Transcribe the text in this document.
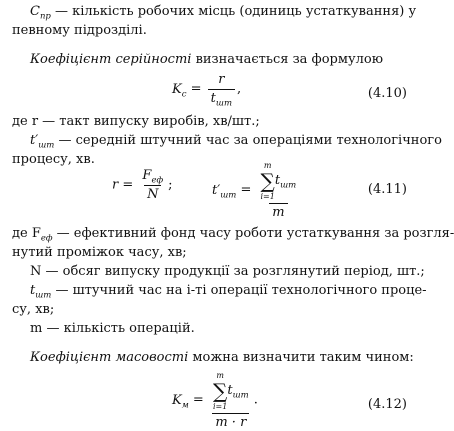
$C_{пр}$ — кількість робочих місць (одиниць устаткування) у
певному підрозділі.
Коефіцієнт серійності визначається за формулою
$K_c = \frac{r}{t_{шт}}$ ,	(4.10)
де r — такт випуску виробів, хв/шт.;
$t'_{шт}$ — середній штучний час за операціями технологічного
процесу, хв.
$r = \frac{F_{еф}}{N}$ ;	$t'_{шт} = m$
∑
i=1
$t_{шт}$
m	(4.11)
де $F_{еф}$ — ефективний фонд часу роботи устаткування за розгля-
нутий проміжок часу, хв;
N — обсяг випуску продукції за розглянутий період, шт.;
$t_{шт}$ — штучний час на i-ті операції технологічного проце-
су, хв;
m — кількість операцій.
Коефіцієнт масовості можна визначити таким чином:
$K_м = m$
∑
i=1
$t_{шт}$
m · r .	(4.12)
